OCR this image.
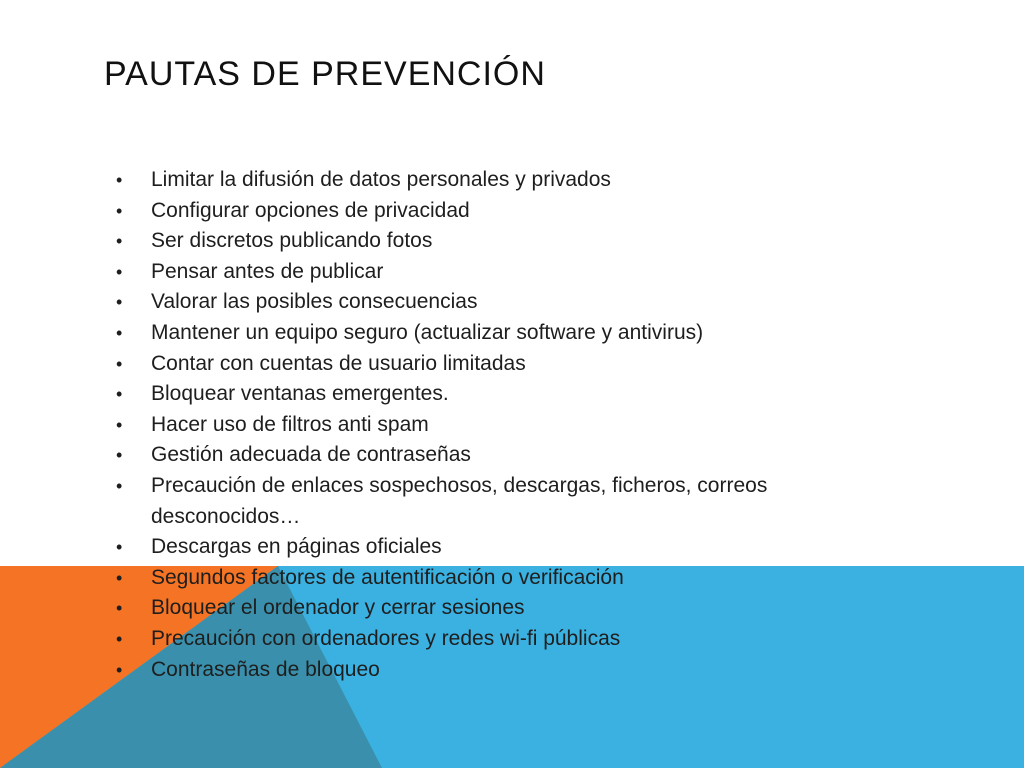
PAUTAS DE PREVENCIÓN
• Limitar la difusión de datos personales y privados
• Configurar opciones de privacidad
• Ser discretos publicando fotos
• Pensar antes de publicar
• Valorar las posibles consecuencias
• Mantener un equipo seguro (actualizar software y antivirus)
• Contar con cuentas de usuario limitadas
• Bloquear ventanas emergentes.
• Hacer uso de filtros anti spam
• Gestión adecuada de contraseñas
• Precaución de enlaces sospechosos, descargas, ficheros, correos desconocidos…
• Descargas en páginas oficiales
• Segundos factores de autentificación o verificación
• Bloquear el ordenador y cerrar sesiones
• Precaución con ordenadores y redes wi-fi públicas
• Contraseñas de bloqueo
